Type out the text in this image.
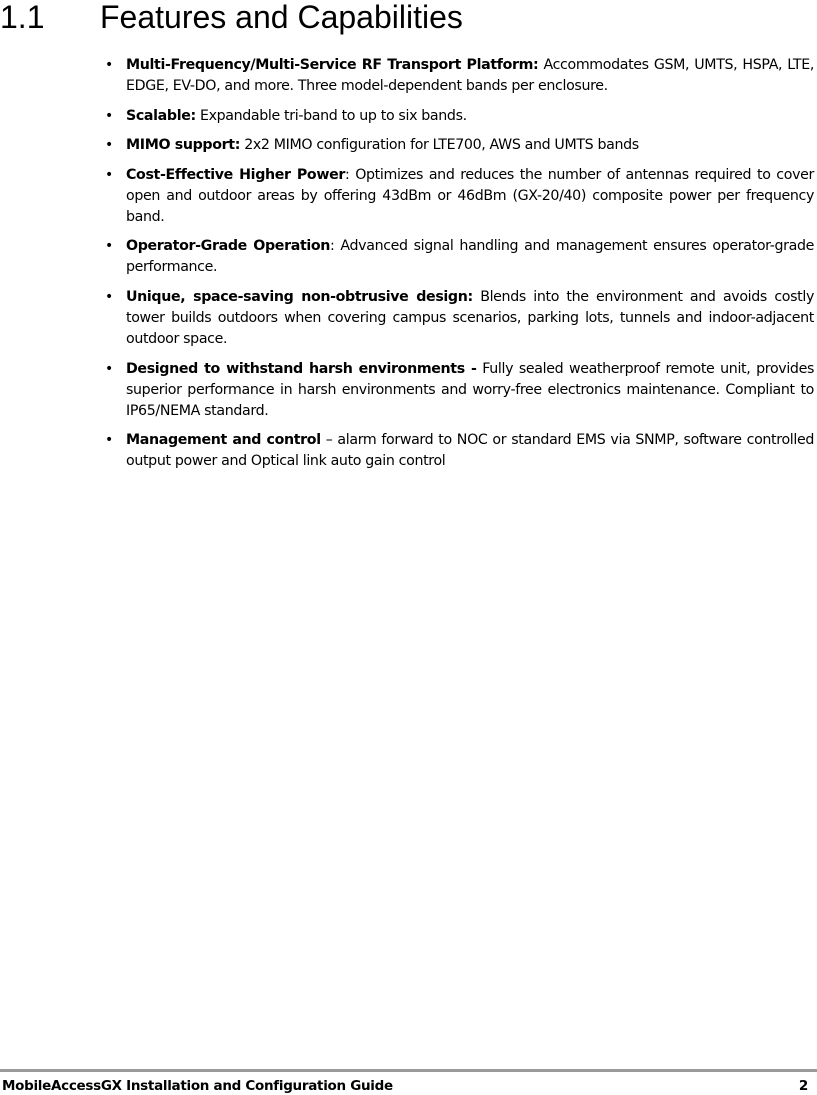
1.1 Features and Capabilities
• Multi-Frequency/Multi-Service RF Transport Platform: Accommodates GSM, UMTS, HSPA, LTE, EDGE, EV-DO, and more. Three model-dependent bands per enclosure.
• Scalable: Expandable tri-band to up to six bands.
• MIMO support: 2x2 MIMO configuration for LTE700, AWS and UMTS bands
• Cost-Effective Higher Power: Optimizes and reduces the number of antennas required to cover open and outdoor areas by offering 43dBm or 46dBm (GX-20/40) composite power per frequency band.
• Operator-Grade Operation: Advanced signal handling and management ensures operator-grade performance.
• Unique, space-saving non-obtrusive design: Blends into the environment and avoids costly tower builds outdoors when covering campus scenarios, parking lots, tunnels and indoor-adjacent outdoor space.
• Designed to withstand harsh environments - Fully sealed weatherproof remote unit, provides superior performance in harsh environments and worry-free electronics maintenance. Compliant to IP65/NEMA standard.
• Management and control – alarm forward to NOC or standard EMS via SNMP, software controlled output power and Optical link auto gain control
MobileAccessGX Installation and Configuration Guide	2
